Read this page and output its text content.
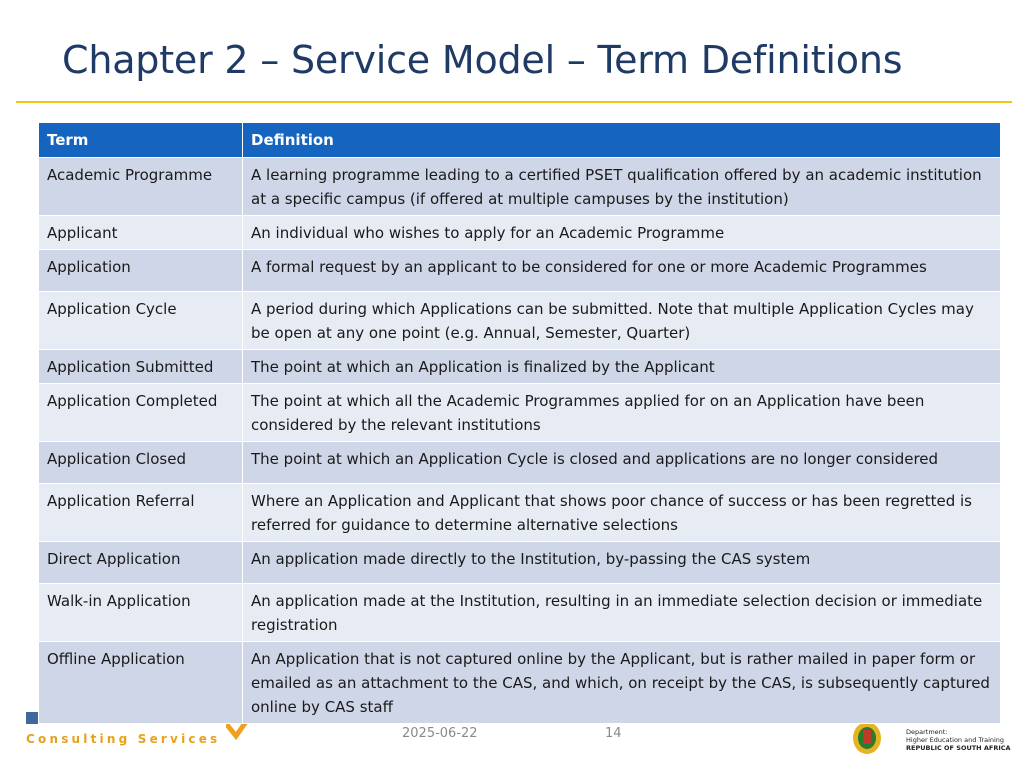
Chapter 2 – Service Model – Term Definitions
Consulting Services	2025-06-22	14	Department:
Higher Education and Training
REPUBLIC OF SOUTH AFRICA
Term	Definition
Academic Programme	A learning programme leading to a certified PSET qualification offered by an academic institution at a specific campus (if offered at multiple campuses by the institution)
Applicant	An individual who wishes to apply for an Academic Programme
Application	A formal request by an applicant to be considered for one or more Academic Programmes
Application Cycle	A period during which Applications can be submitted. Note that multiple Application Cycles may be open at any one point (e.g. Annual, Semester, Quarter)
Application Submitted	The point at which an Application is finalized by the Applicant
Application Completed	The point at which all the Academic Programmes applied for on an Application have been considered by the relevant institutions
Application Closed	The point at which an Application Cycle is closed and applications are no longer considered
Application Referral	Where an Application and Applicant that shows poor chance of success or has been regretted is referred for guidance to determine alternative selections
Direct Application	An application made directly to the Institution, by-passing the CAS system
Walk-in Application	An application made at the Institution, resulting in an immediate selection decision or immediate registration
Offline Application	An Application that is not captured online by the Applicant, but is rather mailed in paper form or emailed as an attachment to the CAS, and which, on receipt by the CAS, is subsequently captured online by CAS staff
